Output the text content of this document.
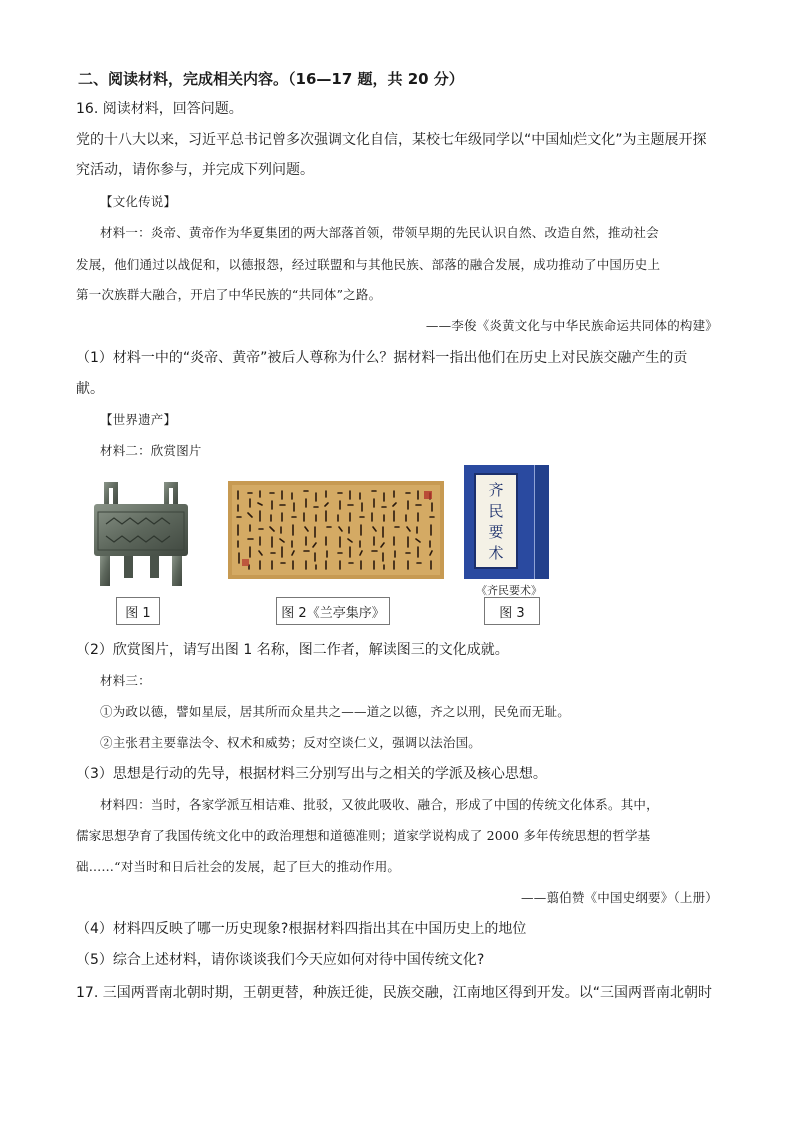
二、阅读材料，完成相关内容。（16—17 题，共 20 分）
16. 阅读材料，回答问题。
党的十八大以来，习近平总书记曾多次强调文化自信，某校七年级同学以“中国灿烂文化”为主题展开探
究活动，请你参与，并完成下列问题。
【文化传说】
材料一：炎帝、黄帝作为华夏集团的两大部落首领，带领早期的先民认识自然、改造自然，推动社会
发展，他们通过以战促和，以德报怨，经过联盟和与其他民族、部落的融合发展，成功推动了中国历史上
第一次族群大融合，开启了中华民族的“共同体”之路。
——李俊《炎黄文化与中华民族命运共同体的构建》
（1）材料一中的“炎帝、黄帝”被后人尊称为什么？据材料一指出他们在历史上对民族交融产生的贡
献。
【世界遗产】
材料二：欣赏图片
齐
民
要
术
《齐民要术》
图 1	图 2《兰亭集序》	图 3
（2）欣赏图片，请写出图 1 名称，图二作者，解读图三的文化成就。
材料三：
①为政以德，譬如星辰，居其所而众星共之——道之以德，齐之以刑，民免而无耻。
②主张君主要靠法令、权术和威势；反对空谈仁义，强调以法治国。
（3）思想是行动的先导，根据材料三分别写出与之相关的学派及核心思想。
材料四：当时，各家学派互相诘难、批驳，又彼此吸收、融合，形成了中国的传统文化体系。其中，
儒家思想孕育了我国传统文化中的政治理想和道德准则；道家学说构成了 2000 多年传统思想的哲学基
础……“对当时和日后社会的发展，起了巨大的推动作用。
——翦伯赞《中国史纲要》（上册）
（4）材料四反映了哪一历史现象?根据材料四指出其在中国历史上的地位
（5）综合上述材料，请你谈谈我们今天应如何对待中国传统文化?
17. 三国两晋南北朝时期，王朝更替，种族迁徙，民族交融，江南地区得到开发。以“三国两晋南北朝时
